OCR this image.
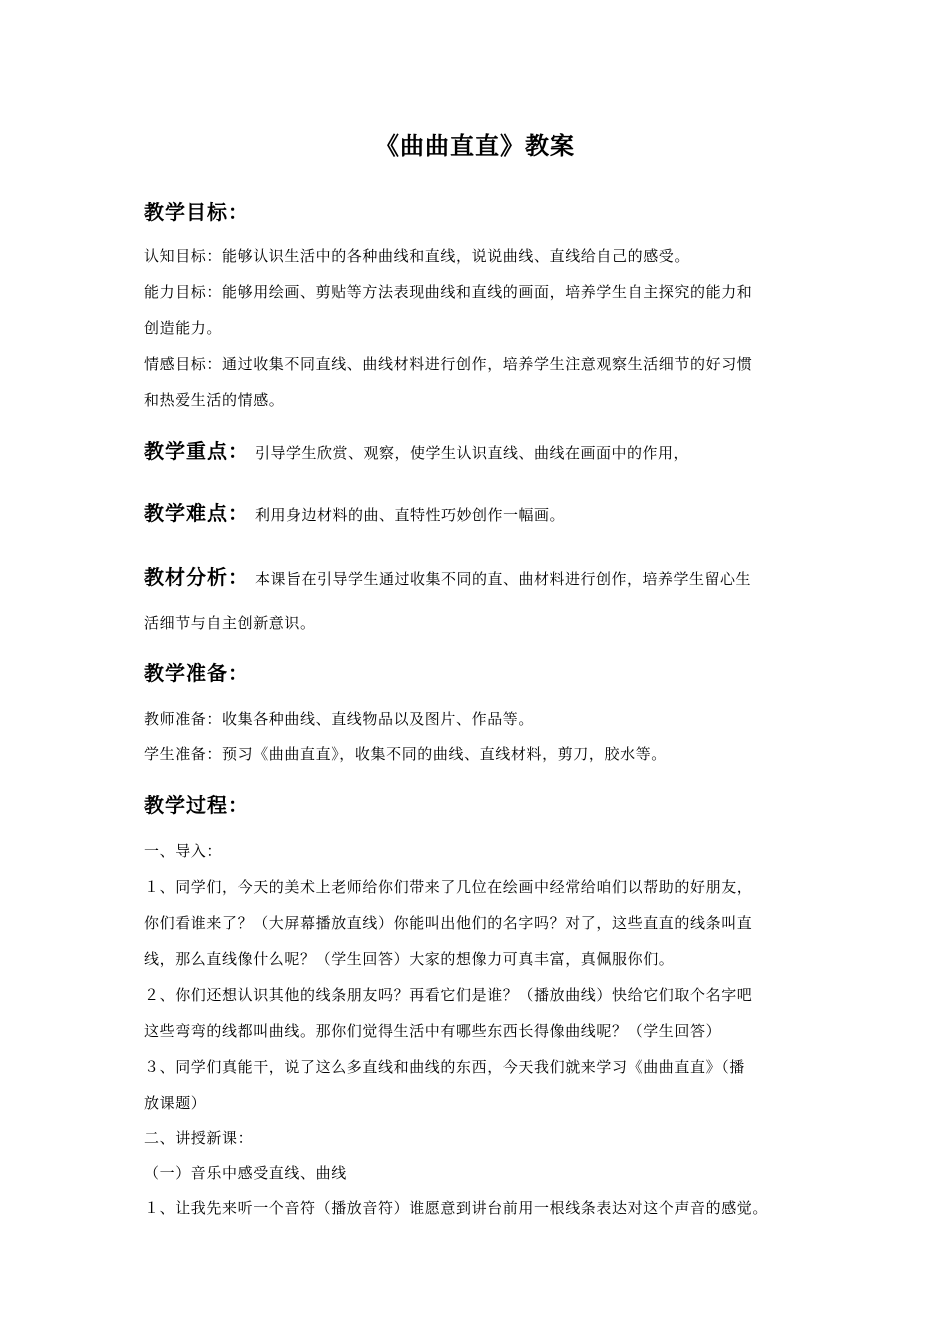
《曲曲直直》教案
教学目标：
认知目标：能够认识生活中的各种曲线和直线，说说曲线、直线给自己的感受。
能力目标：能够用绘画、剪贴等方法表现曲线和直线的画面，培养学生自主探究的能力和
创造能力。
情感目标：通过收集不同直线、曲线材料进行创作，培养学生注意观察生活细节的好习惯
和热爱生活的情感。
教学重点： 引导学生欣赏、观察，使学生认识直线、曲线在画面中的作用，
教学难点： 利用身边材料的曲、直特性巧妙创作一幅画。
教材分析： 本课旨在引导学生通过收集不同的直、曲材料进行创作，培养学生留心生
活细节与自主创新意识。
教学准备：
教师准备：收集各种曲线、直线物品以及图片、作品等。
学生准备：预习《曲曲直直》，收集不同的曲线、直线材料，剪刀，胶水等。
教学过程：
一、导入：
１、同学们，今天的美术上老师给你们带来了几位在绘画中经常给咱们以帮助的好朋友，
你们看谁来了？（大屏幕播放直线）你能叫出他们的名字吗？对了，这些直直的线条叫直
线，那么直线像什么呢？（学生回答）大家的想像力可真丰富，真佩服你们。
２、你们还想认识其他的线条朋友吗？再看它们是谁？（播放曲线）快给它们取个名字吧
这些弯弯的线都叫曲线。那你们觉得生活中有哪些东西长得像曲线呢？（学生回答）
３、同学们真能干，说了这么多直线和曲线的东西，今天我们就来学习《曲曲直直》（播
放课题）
二、讲授新课：
（一）音乐中感受直线、曲线
１、让我先来听一个音符（播放音符）谁愿意到讲台前用一根线条表达对这个声音的感觉。
